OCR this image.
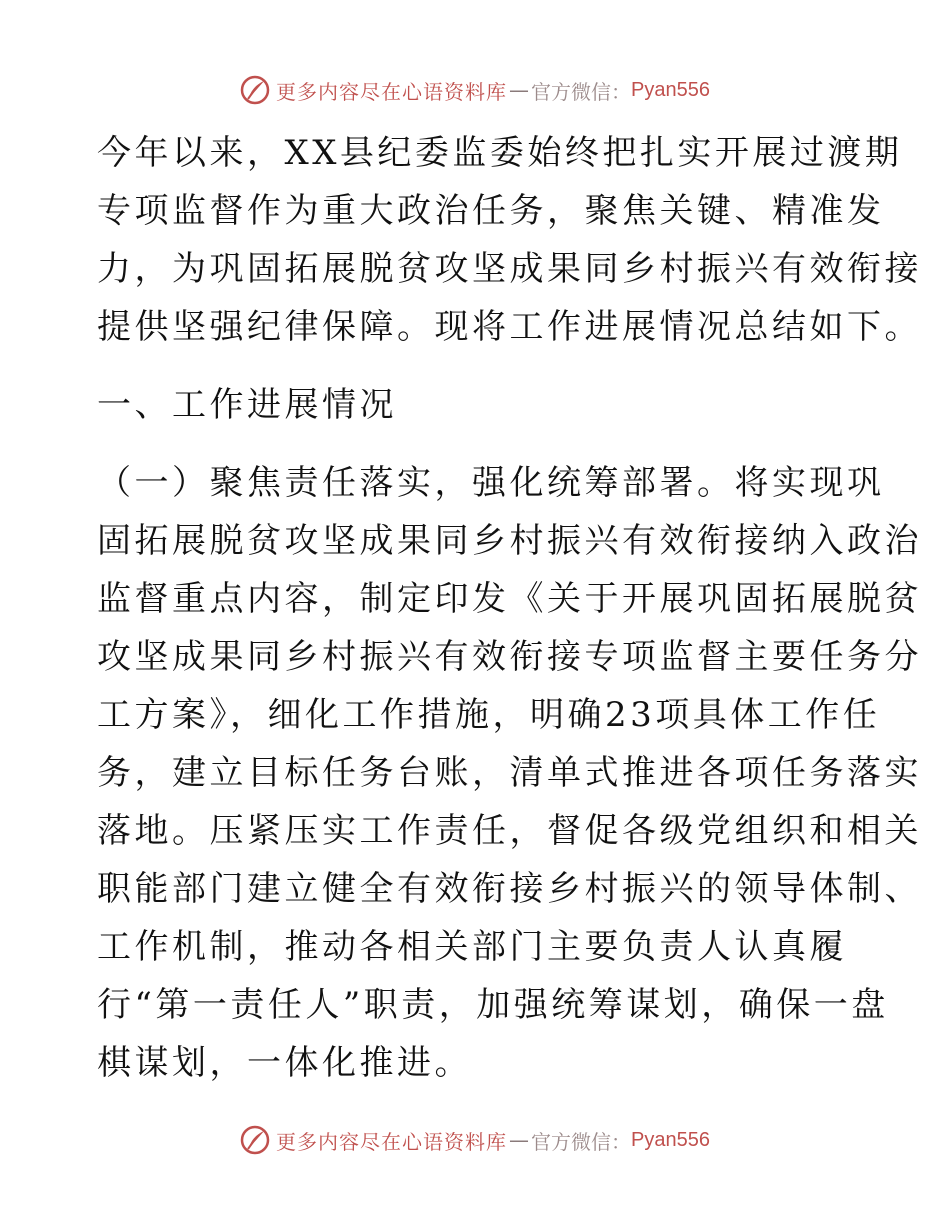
更多内容尽在心语资料库 — 官方微信： Pyan556
今年以来，XX县纪委监委始终把扎实开展过渡期
专项监督作为重大政治任务，聚焦关键、精准发
力，为巩固拓展脱贫攻坚成果同乡村振兴有效衔接
提供坚强纪律保障。现将工作进展情况总结如下。
一、工作进展情况
（一）聚焦责任落实，强化统筹部署。将实现巩
固拓展脱贫攻坚成果同乡村振兴有效衔接纳入政治
监督重点内容，制定印发《关于开展巩固拓展脱贫
攻坚成果同乡村振兴有效衔接专项监督主要任务分
工方案》，细化工作措施，明确23项具体工作任
务，建立目标任务台账，清单式推进各项任务落实
落地。压紧压实工作责任，督促各级党组织和相关
职能部门建立健全有效衔接乡村振兴的领导体制、
工作机制，推动各相关部门主要负责人认真履
行“第一责任人”职责，加强统筹谋划，确保一盘
棋谋划，一体化推进。
更多内容尽在心语资料库 — 官方微信： Pyan556
